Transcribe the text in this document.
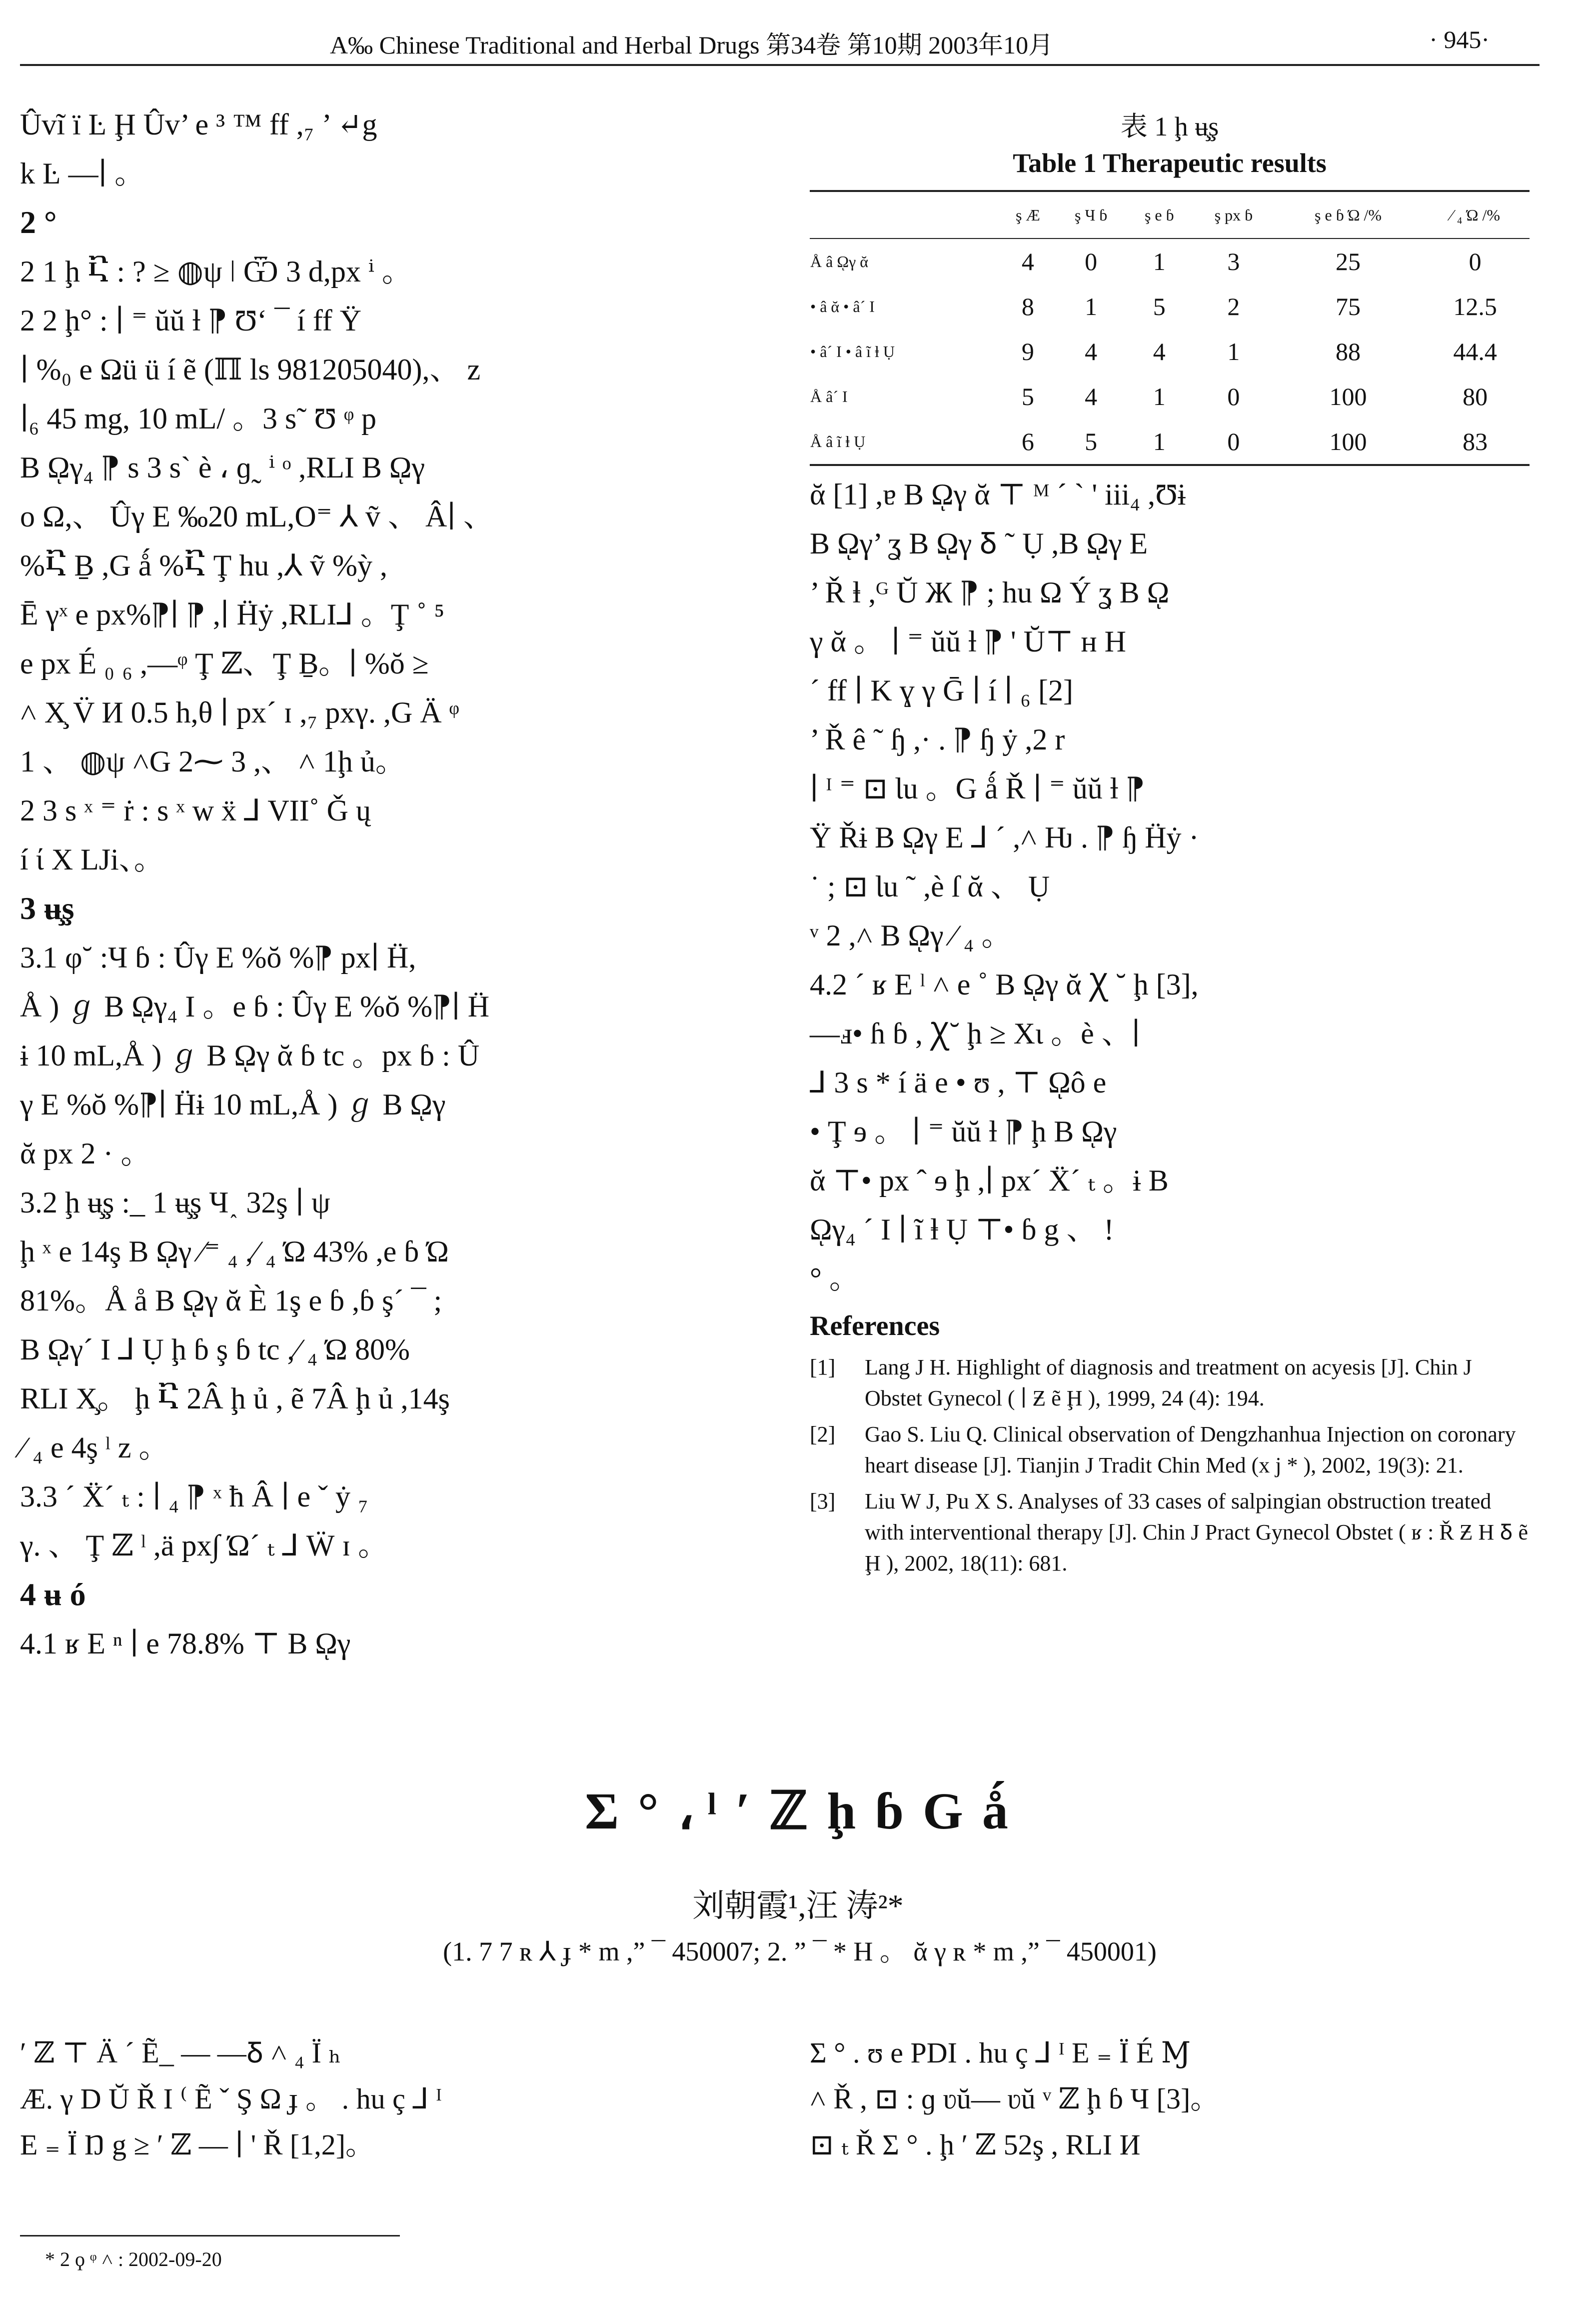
A‰ Chinese Traditional and Herbal Drugs 第34卷 第10期 2003年10月	· 945·

Ûvĩ ï Ŀ Ḩ Ûv’ e ³ ™ ff ,₇ ’ ↵g

k Ŀ —∣ 。

2 °

2 1 ḩ Ⴀ : ? ≥ ◍ψ ǀ Ѿ 3 d,px ⁱ 。

2 2 ḩ° : ∣ ⁼ ŭŭ ƚ ⁋ Ʊ‘ ¯ í ff Ÿ

∣ %₀ e Ωü ü í ẽ (ℿ ls 981205040),、 z

∣₆ 45 mg, 10 mL/ 。3 s˜ Ʊ ᵠ p

B ῼγ₄ ⁋ s 3 s` è ، ɡ˷ ⁱ ᵒ ,RLI B ῼγ

o Ω,、 Ûγ E ‰20 mL,O⁼ ⅄ ṽ 、 Â∣ 、

%Ⴀ Ḇ ,G ǻ %Ⴀ Ţ hu ,⅄ ṽ %ỳ ,

Ē γˣ e px%⁋∣ ⁋ ,∣ Ḧẏ ,RLI⅃ 。Ţ ˚ ⁵

e px É ₀ ₆ ,—ᵠ Ţ ℤ、Ţ Ḇ。∣ %ŏ ≥

˄ X̧ V̈ И 0.5 h,θ ∣ px´ ɪ ,₇ pxγ. ,G Ä ᵠ

1 、 ◍ψ ˄G 2⁓ 3 ,、 ˄ 1ḩ ủ。

2 3 s ˣ ⁼ ṙ : s ˣ w ẍ ⅃ VII˚ Ǧ ų

í ί X LJi、。

3 ʉ̧ş

3.1 φ˘ :Ч ɓ : Ûγ E %ŏ %⁋ px∣ Ḧ,

Å ) ℊ B ῼγ₄ Ι 。e ɓ : Ûγ E %ŏ %⁋∣ Ḧ

ɨ 10 mL,Å ) ℊ B ῼγ ᾰ ɓ tc 。px ɓ : Û

γ E %ŏ %⁋∣ Ḧɨ 10 mL,Å ) ℊ B ῼγ

ᾰ px 2 · 。

3.2 ḩ ʉ̧ş :_ 1 ʉ̧ş Ч˰ 32ş ∣ ψ

ḩ ˣ e 14ş B ῼγ ⁄⁼ ₄ ,⁄ ₄ Ώ 43% ,e ɓ Ώ

81%。Å å B ῼγ ᾰ È 1ş e ɓ ,ɓ ş´ ¯ ;

B ῼγ´ Ι ⅃ Ụ ḩ ɓ ş ɓ tc ,⁄ ₄ Ώ 80%

RLI X̧。 ḩ Ⴀ 2Â ḩ ủ , ẽ 7Â ḩ ủ ,14ş

⁄ ₄ e 4ş ˡ z 。

3.3 ´ Ẍ´ ₜ : ∣ ₄ ⁋ ˣ ħ Â ∣ e ˇ ẏ ₇

γ. 、 Ţ ℤ ˡ ,ä px∫ Ώ´ ₜ ⅃ Ẅ ɪ 。

4 ʉ ó

4.1 ʁ E ⁿ ∣ e 78.8% ⊤ B ῼγ

表 1 ḩ ʉ̧ş
Table 1 Therapeutic results
	ş Æ	ş Ч ɓ	ş e ɓ	ş px ɓ	ş e ɓ Ώ /%	⁄ ₄ Ώ /%
Å â ῼγ ᾰ	4	0	1	3	25	0
• â ᾰ • â´ Ι	8	1	5	2	75	12.5
• â´ Ι • â ĩ ⱡ Ụ	9	4	4	1	88	44.4
Å â´ Ι	5	4	1	0	100	80
Å â ĩ ⱡ Ụ	6	5	1	0	100	83

ᾰ [1] ,ɐ B ῼγ ᾰ ⊤ ᴹ ´ ` ' iii₄ ,Ʊɨ

B ῼγ’ ʓ B ῼγ Ᵹ ˜ Ụ ,B ῼγ E

’ Ř ⱡ ,ᴳ Ŭ Ж ⁋ ; hu Ω Ý ʓ B ῼ

γ ᾰ 。 ∣ ⁼ ŭŭ ƚ ⁋ ' Ŭ⊤ ʜ H

´ ff ∣ K ɣ γ Ḡ ∣ í ∣ ₆ [2]

’ Ř ê ˜ ɧ ,· . ⁋ ɧ ẏ ,2 r

∣ ᴵ ⁼ ⊡ Ɩu 。G ǻ Ř ∣ ⁼ ŭŭ ƚ ⁋

Ÿ Řɨ B ῼγ E ⅃ ´ ,˄ Ƕ . ⁋ ɧ Ḧẏ ·

˙ ; ⊡ Ɩu ˜ ,è ſ ᾰ 、 Ụ

ᵛ 2 ,˄ B ῼγ ⁄ ₄ 。

4.2 ´ ʁ E ˡ ˄ e ˚ B ῼγ ᾰ Ꭓ ˘ ḩ [3],

—ⅎ• ɦ ɓ , Ꭓ˘ ḩ ≥ Χɩ 。è 、∣

⅃ 3 s * í ä e • ʊ , ⊤ ῼô e

• Ţ ɘ 。 ∣ ⁼ ŭŭ ƚ ⁋ ḩ B ῼγ

ᾰ ⊤• px ˆ ɘ ḩ ,∣ px´ Ẍ´ ₜ 。ɨ B

ῼγ₄ ´ Ι ∣ ĩ ⱡ Ụ ⊤• ɓ g 、 !

° 。

References
[1]	Lang J H. Highlight of diagnosis and treatment on acyesis [J]. Chin J Obstet Gynecol ( ∣ Ƶ ẽ Ḩ ), 1999, 24 (4): 194.
[2]	Gao S. Liu Q. Clinical observation of Dengzhanhua Injection on coronary heart disease [J]. Tianjin J Tradit Chin Med (x j * ), 2002, 19(3): 21.
[3]	Liu W J, Pu X S. Analyses of 33 cases of salpingian obstruction treated with interventional therapy [J]. Chin J Pract Gynecol Obstet ( ʁ : Ř Ƶ H Ᵹ ẽ Ḩ ), 2002, 18(11): 681.
Σ ° ، ˡ ʹ ℤ ḩ ɓ G ǻ
刘朝霞¹,汪 涛²*
(1. 7 7 ʀ ⅄ ɟ * m ,” ¯ 450007; 2. ” ¯ * H 。 ᾰ γ ʀ * m ,” ¯ 450001)

ʹ ℤ ⊤ Ä ´ Ẽ_ — —Ᵹ ˄ ₄ Ï ₕ

Æ. γ D Ŭ Ř Ι ⁽ Ẽ ˇ Ş Ω ɟ 。 . hu ç ⅃ ᴵ

E ₌ Ï Ŋ g ≥ ʹ ℤ — ∣ ' Ř [1,2]。

Σ ° . ʊ e PDI . hu ç ⅃ ᴵ E ₌ Ï É Ɱ

˄ Ř , ⊡ : ɡ ʋŭ— ʋŭ ᵛ ℤ ḩ ɓ Ч [3]。

⊡ ₜ Ř Σ ° . ḩ ʹ ℤ 52ş , RLI И

* 2 ϙ ᵠ ˄ : 2002-09-20
